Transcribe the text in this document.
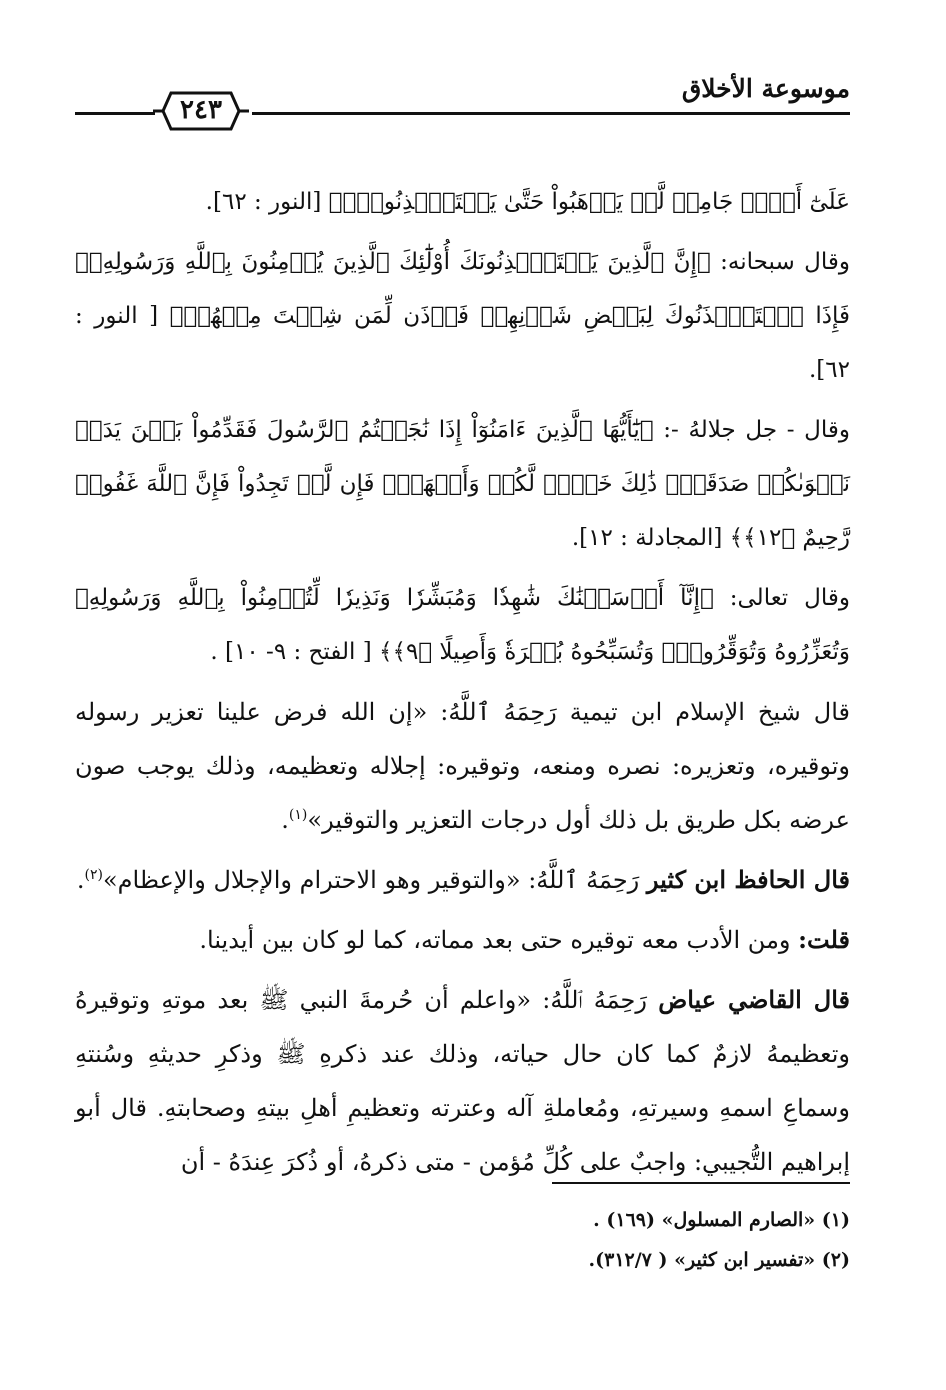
موسوعة الأخلاق
٢٤٣

عَلَىٰٓ أَمۡرٖ جَامِعٖ لَّمۡ يَذۡهَبُواْ حَتَّىٰ يَسۡتَـٔۡذِنُوهُۚ﴾ [النور : ٦٢].

وقال سبحانه: ﴿إِنَّ ٱلَّذِينَ يَسۡتَـٔۡذِنُونَكَ أُوْلَٰٓئِكَ ٱلَّذِينَ يُؤۡمِنُونَ بِٱللَّهِ وَرَسُولِهِۦۚ فَإِذَا ٱسۡتَـٔۡذَنُوكَ لِبَعۡضِ شَأۡنِهِمۡ فَأۡذَن لِّمَن شِئۡتَ مِنۡهُمۡ﴾ [ النور : ٦٢].

وقال - جل جلالهُ -: ﴿يَٰٓأَيُّهَا ٱلَّذِينَ ءَامَنُوٓاْ إِذَا نَٰجَيۡتُمُ ٱلرَّسُولَ فَقَدِّمُواْ بَيۡنَ يَدَيۡ نَجۡوَىٰكُمۡ صَدَقَةٗۚ ذَٰلِكَ خَيۡرٞ لَّكُمۡ وَأَطۡهَرُۚ فَإِن لَّمۡ تَجِدُواْ فَإِنَّ ٱللَّهَ غَفُورٞ رَّحِيمٌ ﴿١٢﴾﴾ [المجادلة : ١٢].

وقال تعالى: ﴿إِنَّآ أَرۡسَلۡنَٰكَ شَٰهِدٗا وَمُبَشِّرٗا وَنَذِيرٗا لِّتُؤۡمِنُواْ بِٱللَّهِ وَرَسُولِهِۦ وَتُعَزِّرُوهُ وَتُوَقِّرُوهُۚ وَتُسَبِّحُوهُ بُكۡرَةٗ وَأَصِيلًا ﴿٩﴾﴾ [ الفتح : ٩- ١٠] .

قال شيخ الإسلام ابن تيمية رَحِمَهُ ٱللَّهُ: «إن الله فرض علينا تعزير رسوله وتوقيره، وتعزيره: نصره ومنعه، وتوقيره: إجلاله وتعظيمه، وذلك يوجب صون عرضه بكل طريق بل ذلك أول درجات التعزير والتوقير»$^{(١)}$.

قال الحافظ ابن كثير رَحِمَهُ ٱللَّهُ: «والتوقير وهو الاحترام والإجلال والإعظام»$^{(٢)}$.

قلت: ومن الأدب معه توقيره حتى بعد مماته، كما لو كان بين أيدينا.

قال القاضي عياض رَحِمَهُ ٱللَّهُ: «واعلم أن حُرمةَ النبي ﷺ بعد موتهِ وتوقيرهُ وتعظيمهُ لازمٌ كما كان حال حياته، وذلك عند ذكرهِ ﷺ وذكرِ حديثهِ وسُنتهِ وسماعِ اسمهِ وسيرتهِ، ومُعاملةِ آله وعترته وتعظيمِ أهلِ بيتهِ وصحابتهِ. قال أبو إبراهيم التُّجيبي: واجبٌ على كُلِّ مُؤمن - متى ذكرهُ، أو ذُكرَ عِندَهُ - أن

(١) «الصارم المسلول» (١٦٩) .

(٢) «تفسير ابن كثير» ( ٣١٢/٧).
